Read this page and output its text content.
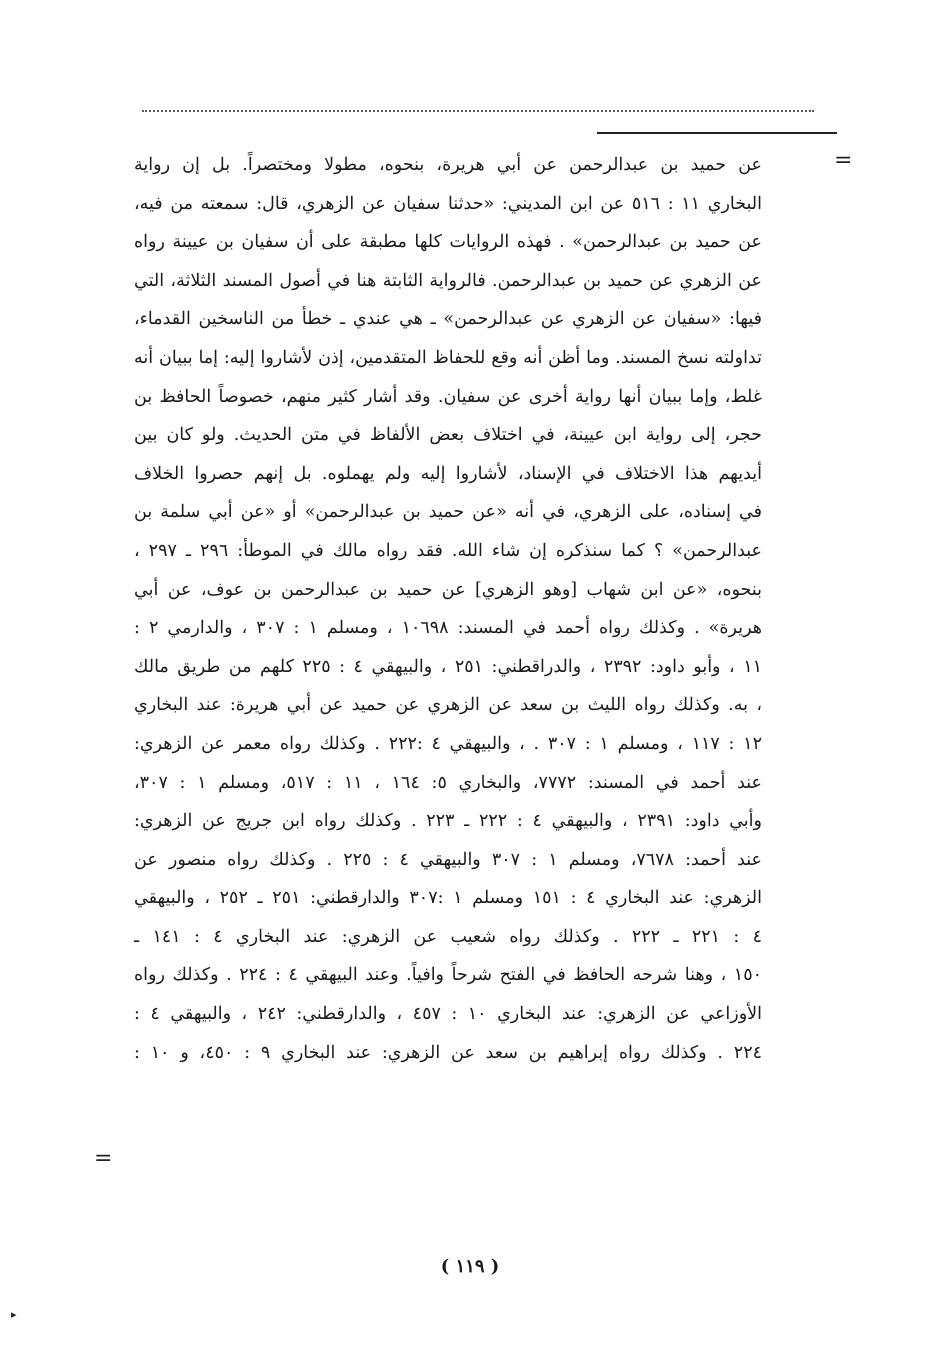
=
عن حميد بن عبدالرحمن عن أبي هريرة، بنحوه، مطولا ومختصراً. بل إن رواية
البخاري ١١ : ٥١٦ عن ابن المديني: «حدثنا سفيان عن الزهري، قال: سمعته من فيه،
عن حميد بن عبدالرحمن» . فهذه الروايات كلها مطبقة على أن سفيان بن عيينة رواه
عن الزهري عن حميد بن عبدالرحمن. فالرواية الثابتة هنا في أصول المسند الثلاثة، التي
فيها: «سفيان عن الزهري عن عبدالرحمن» ـ هي عندي ـ خطأ من الناسخين القدماء،
تداولته نسخ المسند. وما أظن أنه وقع للحفاظ المتقدمين، إذن لأشاروا إليه: إما ببيان أنه
غلط، وإما ببيان أنها رواية أخرى عن سفيان. وقد أشار كثير منهم، خصوصاً الحافظ بن
حجر، إلى رواية ابن عيينة، في اختلاف بعض الألفاظ في متن الحديث. ولو كان بين
أيديهم هذا الاختلاف في الإسناد، لأشاروا إليه ولم يهملوه. بل إنهم حصروا الخلاف
في إسناده، على الزهري، في أنه «عن حميد بن عبدالرحمن» أو «عن أبي سلمة بن
عبدالرحمن» ؟ كما سنذكره إن شاء الله. فقد رواه مالك في الموطأ: ٢٩٦ ـ ٢٩٧ ،
بنحوه، «عن ابن شهاب [وهو الزهري] عن حميد بن عبدالرحمن بن عوف، عن أبي
هريرة» . وكذلك رواه أحمد في المسند: ١٠٦٩٨ ، ومسلم ١ : ٣٠٧ ، والدارمي ٢ :
١١ ، وأبو داود: ٢٣٩٢ ، والدراقطني: ٢٥١ ، والبيهقي ٤ : ٢٢٥ كلهم من طريق مالك
، به. وكذلك رواه الليث بن سعد عن الزهري عن حميد عن أبي هريرة: عند البخاري
١٢ : ١١٧ ، ومسلم ١ : ٣٠٧ . ، والبيهقي ٤ :٢٢٢ . وكذلك رواه معمر عن الزهري:
عند أحمد في المسند: ٧٧٧٢، والبخاري ٥: ١٦٤ ، ١١ : ٥١٧، ومسلم ١ : ٣٠٧،
وأبي داود: ٢٣٩١ ، والبيهقي ٤ : ٢٢٢ ـ ٢٢٣ . وكذلك رواه ابن جريج عن الزهري:
عند أحمد: ٧٦٧٨، ومسلم ١ : ٣٠٧ والبيهقي ٤ : ٢٢٥ . وكذلك رواه منصور عن
الزهري: عند البخاري ٤ : ١٥١ ومسلم ١ :٣٠٧ والدارقطني: ٢٥١ ـ ٢٥٢ ، والبيهقي
٤ : ٢٢١ ـ ٢٢٢ . وكذلك رواه شعيب عن الزهري: عند البخاري ٤ : ١٤١ ـ
١٥٠ ، وهنا شرحه الحافظ في الفتح شرحاً وافياً. وعند البيهقي ٤ : ٢٢٤ . وكذلك رواه
الأوزاعي عن الزهري: عند البخاري ١٠ : ٤٥٧ ، والدارقطني: ٢٤٢ ، والبيهقي ٤ :
٢٢٤ . وكذلك رواه إبراهيم بن سعد عن الزهري: عند البخاري ٩ : ٤٥٠، و ١٠ :
=
( ١١٩ )
▸
